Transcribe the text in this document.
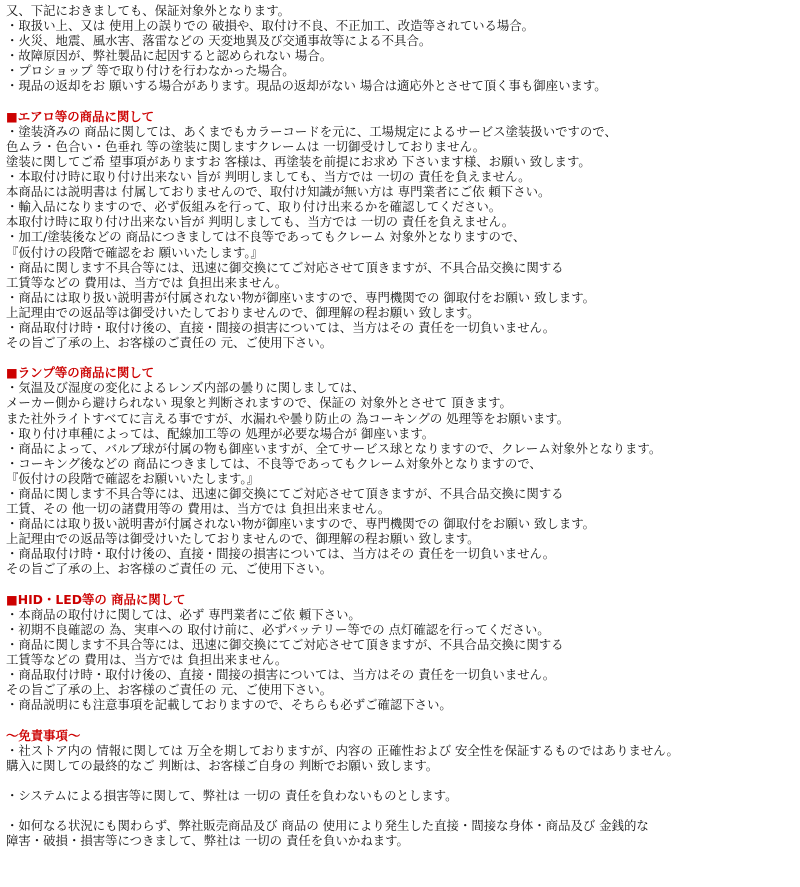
又、下記におきましても、保証対象外となります。
・取扱い上、又は 使用上の誤りでの 破損や、取付け不良、不正加工、改造等されている場合。
・火災、地震、風水害、落雷などの 天変地異及び交通事故等による不具合。
・故障原因が、弊社製品に起因すると認められない 場合。
・プロショップ 等で取り付けを行わなかった場合。
・現品の返却をお 願いする場合があります。現品の返却がない 場合は適応外とさせて頂く事も御座います。
■エアロ等の商品に関して
・塗装済みの 商品に関しては、あくまでもカラーコードを元に、工場規定によるサービス塗装扱いですので、
色ムラ・色合い・色垂れ 等の塗装に関しますクレームは 一切御受けしておりません。
塗装に関してご希 望事項がありますお 客様は、再塗装を前提にお求め 下さいます様、お願い 致します。
・本取付け時に取り付け出来ない 旨が 判明しましても、当方では 一切の 責任を負えません。
本商品には説明書は 付属しておりませんので、取付け知識が無い方は 専門業者にご依 頼下さい。
・輸入品になりますので、必ず仮組みを行って、取り付け出来るかを確認してください。
本取付け時に取り付け出来ない旨が 判明しましても、当方では 一切の 責任を負えません。
・加工/塗装後などの 商品につきましては不良等であってもクレーム 対象外となりますので、
『仮付けの段階で確認をお 願いいたします。』
・商品に関します不具合等には、迅速に御交換にてご対応させて頂きますが、不具合品交換に関する
工賃等などの 費用は、当方では 負担出来ません。
・商品には取り扱い説明書が付属されない物が御座いますので、専門機関での 御取付をお願い 致します。
上記理由での返品等は御受けいたしておりませんので、御理解の程お願い 致します。
・商品取付け時・取付け後の、直接・間接の損害については、当方はその 責任を一切負いません。
その旨ご了承の上、お客様のご責任の 元、ご使用下さい。
■ランプ等の商品に関して
・気温及び湿度の変化によるレンズ内部の曇りに関しましては、
メーカー側から避けられない 現象と判断されますので、保証の 対象外とさせて 頂きます。
また社外ライトすべてに言える事ですが、水漏れや曇り防止の 為コーキングの 処理等をお願います。
・取り付け車種によっては、配線加工等の 処理が必要な場合が 御座います。
・商品によって、バルブ球が付属の物も御座いますが、全てサービス球となりますので、クレーム対象外となります。
・コーキング後などの 商品につきましては、不良等であってもクレーム対象外となりますので、
『仮付けの段階で確認をお願いいたします。』
・商品に関します不具合等には、迅速に御交換にてご対応させて頂きますが、不具合品交換に関する
工賃、その 他一切の諸費用等の 費用は、当方では 負担出来ません。
・商品には取り扱い説明書が付属されない物が御座いますので、専門機関での 御取付をお願い 致します。
上記理由での返品等は御受けいたしておりませんので、御理解の程お願い 致します。
・商品取付け時・取付け後の、直接・間接の損害については、当方はその 責任を一切負いません。
その旨ご了承の上、お客様のご責任の 元、ご使用下さい。
■HID・LED等の 商品に関して
・本商品の取付けに関しては、必ず 専門業者にご依 頼下さい。
・初期不良確認の 為、実車への 取付け前に、必ずバッテリー等での 点灯確認を行ってください。
・商品に関します不具合等には、迅速に御交換にてご対応させて頂きますが、不具合品交換に関する
工賃等などの 費用は、当方では 負担出来ません。
・商品取付け時・取付け後の、直接・間接の損害については、当方はその 責任を一切負いません。
その旨ご了承の上、お客様のご責任の 元、ご使用下さい。
・商品説明にも注意事項を記載しておりますので、そちらも必ずご確認下さい。
～免責事項～
・社ストア内の 情報に関しては 万全を期しておりますが、内容の 正確性および 安全性を保証するものではありません。
購入に関しての最終的なご 判断は、お客様ご自身の 判断でお願い 致します。
・システムによる損害等に関して、弊社は 一切の 責任を負わないものとします。
・如何なる状況にも関わらず、弊社販売商品及び 商品の 使用により発生した直接・間接な身体・商品及び 金銭的な
障害・破損・損害等につきまして、弊社は 一切の 責任を負いかねます。
